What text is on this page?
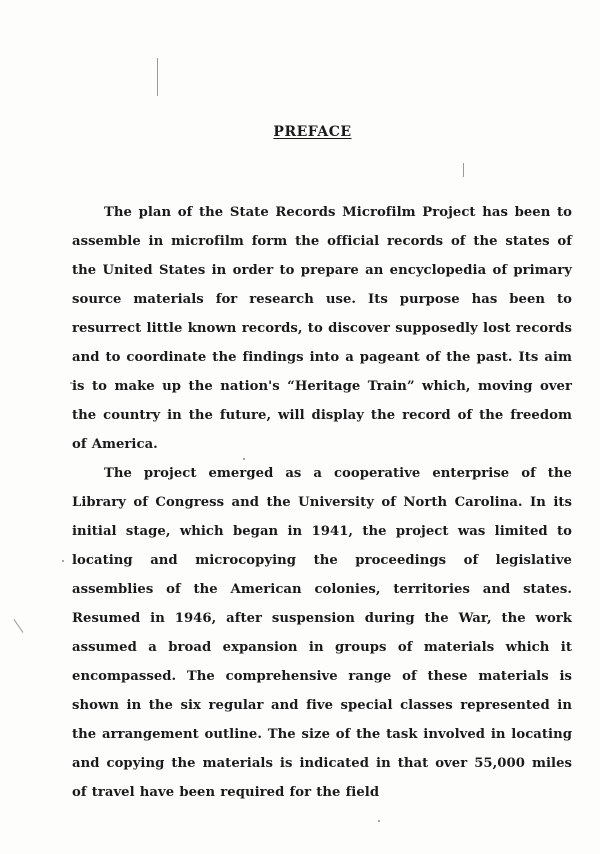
PREFACE

The plan of the State Records Microfilm Project has been to assemble in microfilm form the official records of the states of the United States in order to prepare an encyclopedia of primary source materials for research use. Its purpose has been to resurrect little known records, to discover supposedly lost records and to coordinate the findings into a pageant of the past. Its aim is to make up the nation's “Heritage Train” which, moving over the country in the future, will display the record of the freedom of America.

The project emerged as a cooperative enterprise of the Library of Congress and the University of North Carolina. In its initial stage, which began in 1941, the project was limited to locating and microcopying the proceedings of legislative assemblies of the American colonies, territories and states. Resumed in 1946, after suspension during the War, the work assumed a broad expansion in groups of materials which it encompassed. The comprehensive range of these materials is shown in the six regular and five special classes represented in the arrangement outline. The size of the task involved in locating and copying the materials is indicated in that over 55,000 miles of travel have been required for the field
